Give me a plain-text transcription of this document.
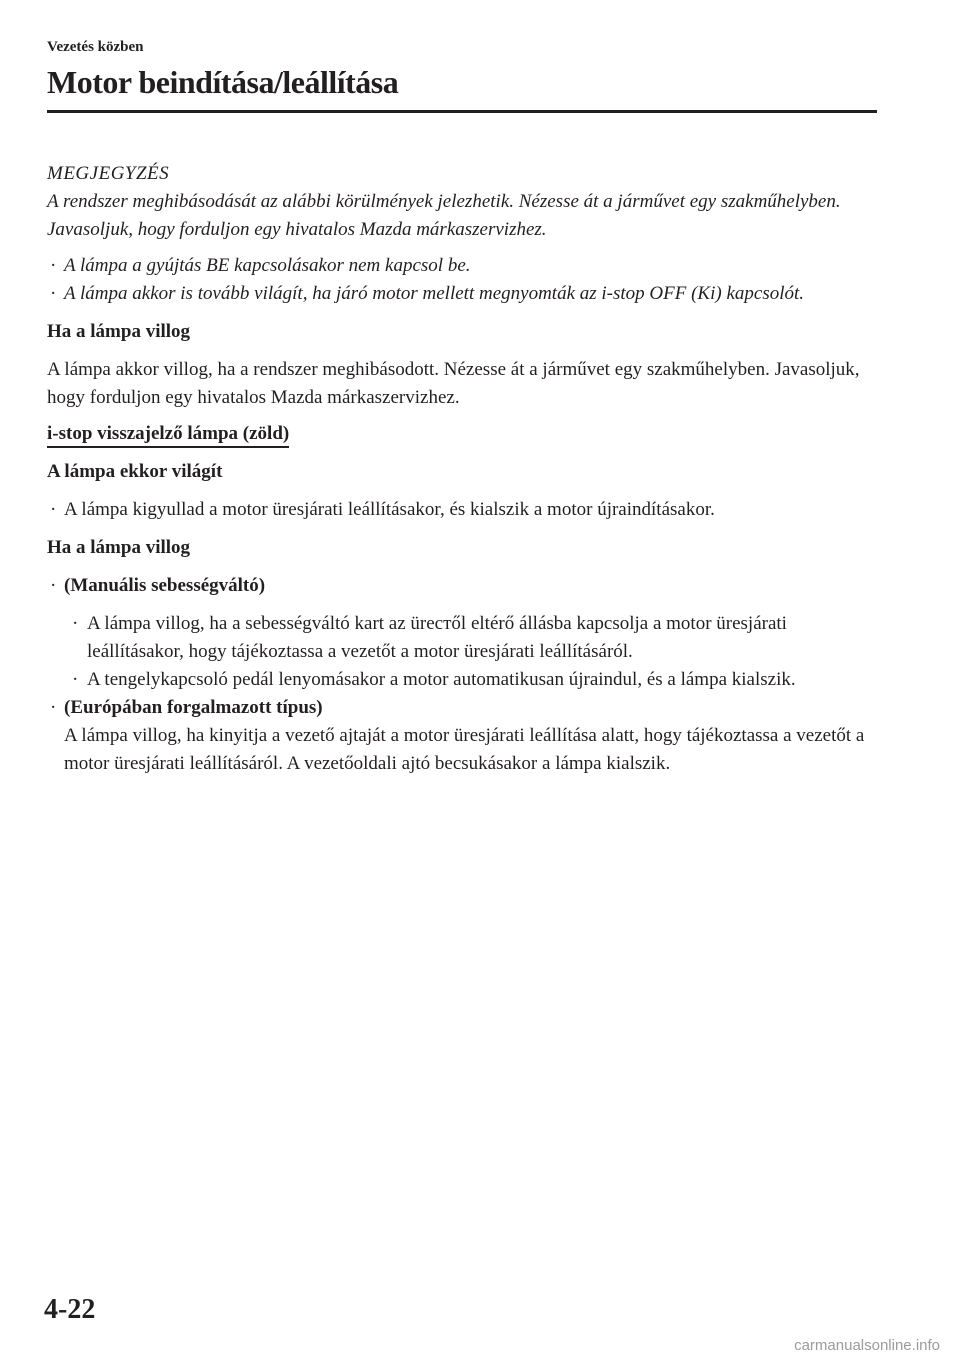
Vezetés közben

Motor beindítása/leállítása

MEGJEGYZÉS

A rendszer meghibásodását az alábbi körülmények jelezhetik. Nézesse át a járművet egy szakműhelyben. Javasoljuk, hogy forduljon egy hivatalos Mazda márkaszervizhez.

· A lámpa a gyújtás BE kapcsolásakor nem kapcsol be.
· A lámpa akkor is tovább világít, ha járó motor mellett megnyomták az i-stop OFF (Ki) kapcsolót.

Ha a lámpa villog

A lámpa akkor villog, ha a rendszer meghibásodott. Nézesse át a járművet egy szakműhelyben. Javasoljuk, hogy forduljon egy hivatalos Mazda márkaszervizhez.

i-stop visszajelző lámpa (zöld)

A lámpa ekkor világít

· A lámpa kigyullad a motor üresjárati leállításakor, és kialszik a motor újraindításakor.

Ha a lámpa villog

· (Manuális sebességváltó)
· A lámpa villog, ha a sebességváltó kart az üreстől eltérő állásba kapcsolja a motor üresjárati leállításakor, hogy tájékoztassa a vezetőt a motor üresjárati leállításáról.
· A tengelykapcsoló pedál lenyomásakor a motor automatikusan újraindul, és a lámpa kialszik.
· (Európában forgalmazott típus)
A lámpa villog, ha kinyitja a vezető ajtaját a motor üresjárati leállítása alatt, hogy tájékoztassa a vezetőt a motor üresjárati leállításáról. A vezetőoldali ajtó becsukásakor a lámpa kialszik.

4-22

carmanualsonline.info
